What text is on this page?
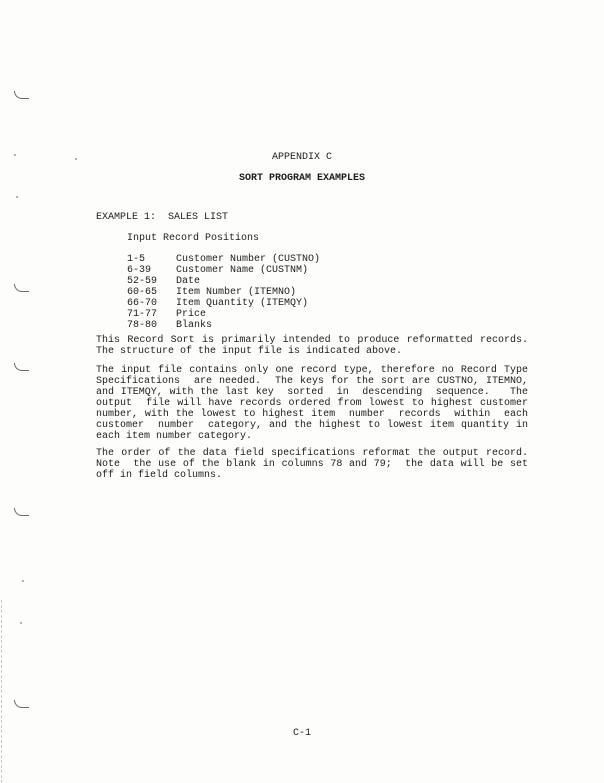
APPENDIX C

SORT PROGRAM EXAMPLES

EXAMPLE 1:  SALES LIST

Input Record Positions

1-5	Customer Number (CUSTNO)
6-39 Customer Name (CUSTNM)
52-59 Date
60-65 Item Number (ITEMNO)
66-70 Item Quantity (ITEMQY)
71-77 Price
78-80 Blanks
This Record Sort is primarily intended to produce reformatted records.
The structure of the input file is indicated above.
The input file contains only one record type, therefore no Record Type
Specifications  are needed.  The keys for the sort are CUSTNO, ITEMNO,
and ITEMQY, with the last key  sorted  in  descending  sequence.   The
output  file will have records ordered from lowest to highest customer
number, with the lowest to highest item  number  records  within  each
customer  number  category, and the highest to lowest item quantity in
each item number category.
The order of the data field specifications reformat the output record.
Note  the use of the blank in columns 78 and 79;  the data will be set
off in field columns.

C-1
